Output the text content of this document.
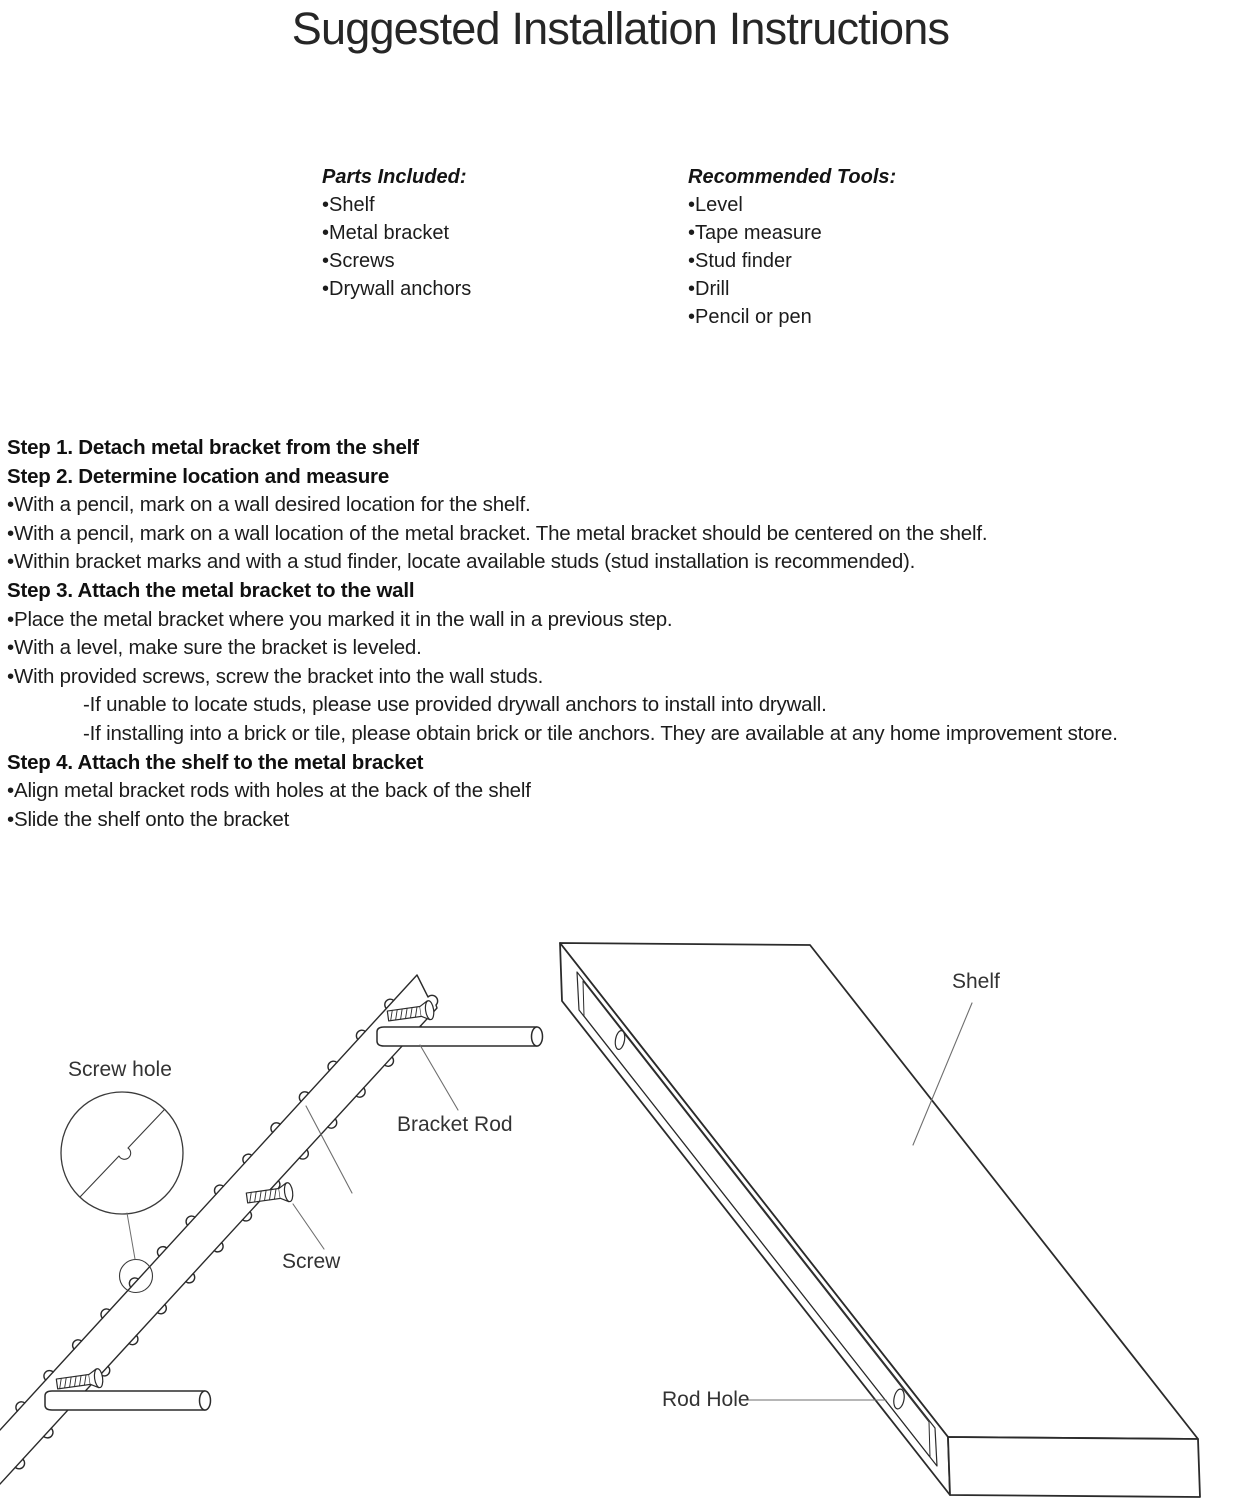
Suggested Installation Instructions
Parts Included:
•Shelf
•Metal bracket
•Screws
•Drywall anchors
Recommended Tools:
•Level
•Tape measure
•Stud finder
•Drill
•Pencil or pen
Step 1. Detach metal bracket from the shelf
Step 2. Determine location and measure
•With a pencil, mark on a wall desired location for the shelf.
•With a pencil, mark on a wall location of the metal bracket. The metal bracket should be centered on the shelf.
•Within bracket marks and with a stud finder, locate available studs (stud installation is recommended).
Step 3. Attach the metal bracket to the wall
•Place the metal bracket where you marked it in the wall in a previous step.
•With a level, make sure the bracket is leveled.
•With provided screws, screw the bracket into the wall studs.
-If unable to locate studs, please use provided drywall anchors to install into drywall.
-If installing into a brick or tile, please obtain brick or tile anchors. They are available at any home improvement store.
Step 4. Attach the shelf to the metal bracket
•Align metal bracket rods with holes at the back of the shelf
•Slide the shelf onto the bracket
Screw hole
Bracket Rod
Screw
Shelf
Rod Hole
